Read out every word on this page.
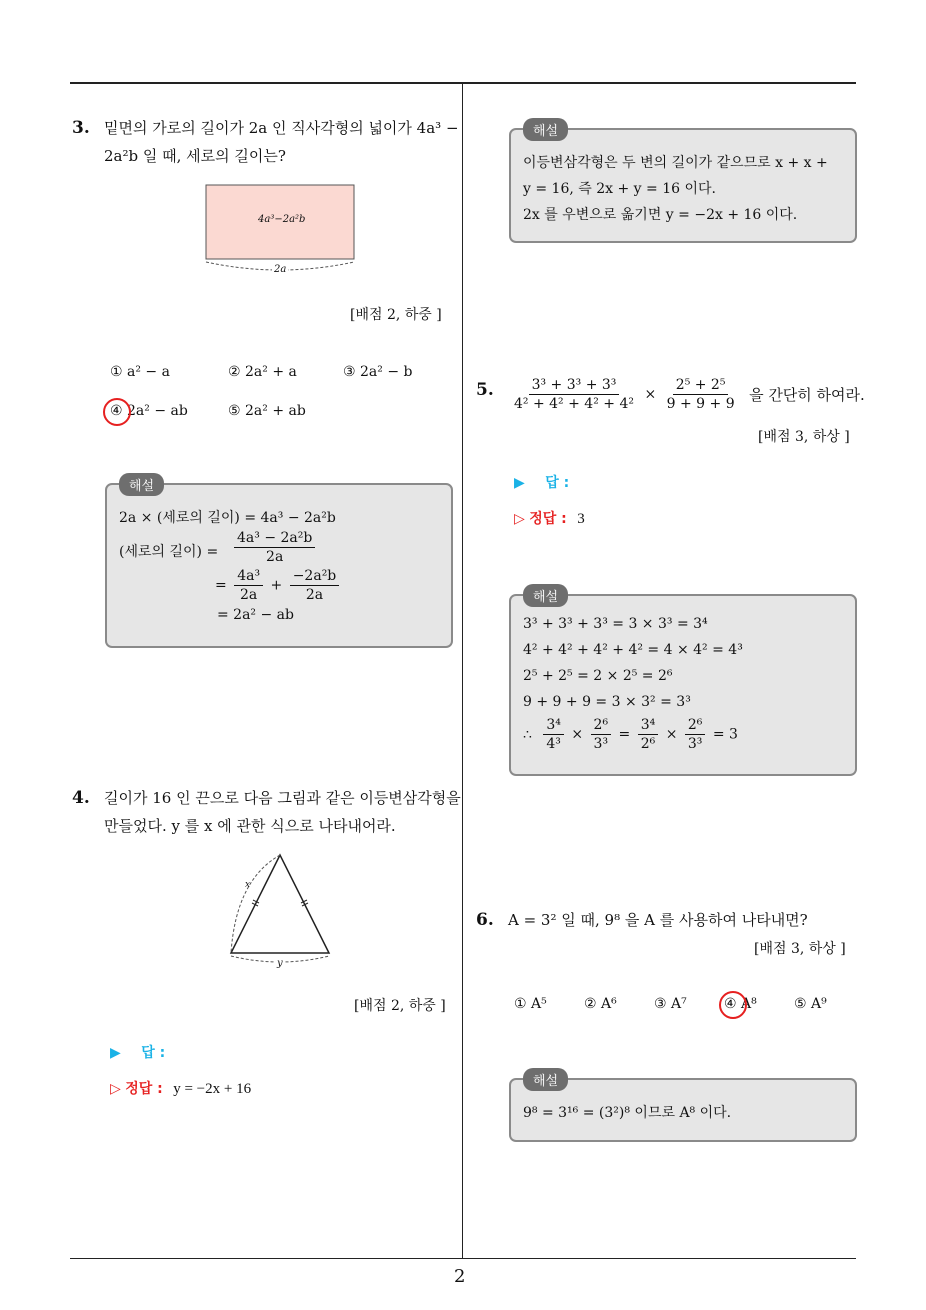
2
3. 밑면의 가로의 길이가 2a 인 직사각형의 넓이가 4a³ −
2a²b 일 때, 세로의 길이는?
4a³−2a²b
2a
[배점 2, 하중 ]
① a² − a	② 2a² + a	③ 2a² − b
④ 2a² − ab	⑤ 2a² + ab
해설
2a × (세로의 길이) = 4a³ − 2a²b
(세로의 길이) = $\frac{\text{4a³ − 2a²b}}{2a}$
= $\frac{\text{4a³}}{2a} + \frac{\text{−2a²b}}{2a}$
= 2a² − ab
4. 길이가 16 인 끈으로 다음 그림과 같은 이등변삼각형을
만들었다. y 를 x 에 관한 식으로 나타내어라.
x
y
[배점 2, 하중 ]
▶ 답 :
▷ 정답 : y = −2x + 16
해설
이등변삼각형은 두 변의 길이가 같으므로 x + x +
y = 16, 즉 2x + y = 16 이다.
2x 를 우변으로 옮기면 y = −2x + 16 이다.
5. $\frac{\text{3³ + 3³ + 3³}}{\text{4² + 4² + 4² + 4²}} \times \frac{\text{2⁵ + 2⁵}}{9 + 9 + 9}$ 을 간단히 하여라.
[배점 3, 하상 ]
▶ 답 :
▷ 정답 : 3
해설
3³ + 3³ + 3³ = 3 × 3³ = 3⁴
4² + 4² + 4² + 4² = 4 × 4² = 4³
2⁵ + 2⁵ = 2 × 2⁵ = 2⁶
9 + 9 + 9 = 3 × 3² = 3³
∴ $\frac{\text{3⁴}}{\text{4³}} \times \frac{\text{2⁶}}{\text{3³}} = \frac{\text{3⁴}}{\text{2⁶}} \times \frac{\text{2⁶}}{\text{3³}} = 3$
6. A = 3² 일 때, 9⁸ 을 A 를 사용하여 나타내면?
[배점 3, 하상 ]
① A⁵	② A⁶	③ A⁷	④ A⁸	⑤ A⁹
해설
9⁸ = 3¹⁶ = (3²)⁸ 이므로 A⁸ 이다.
